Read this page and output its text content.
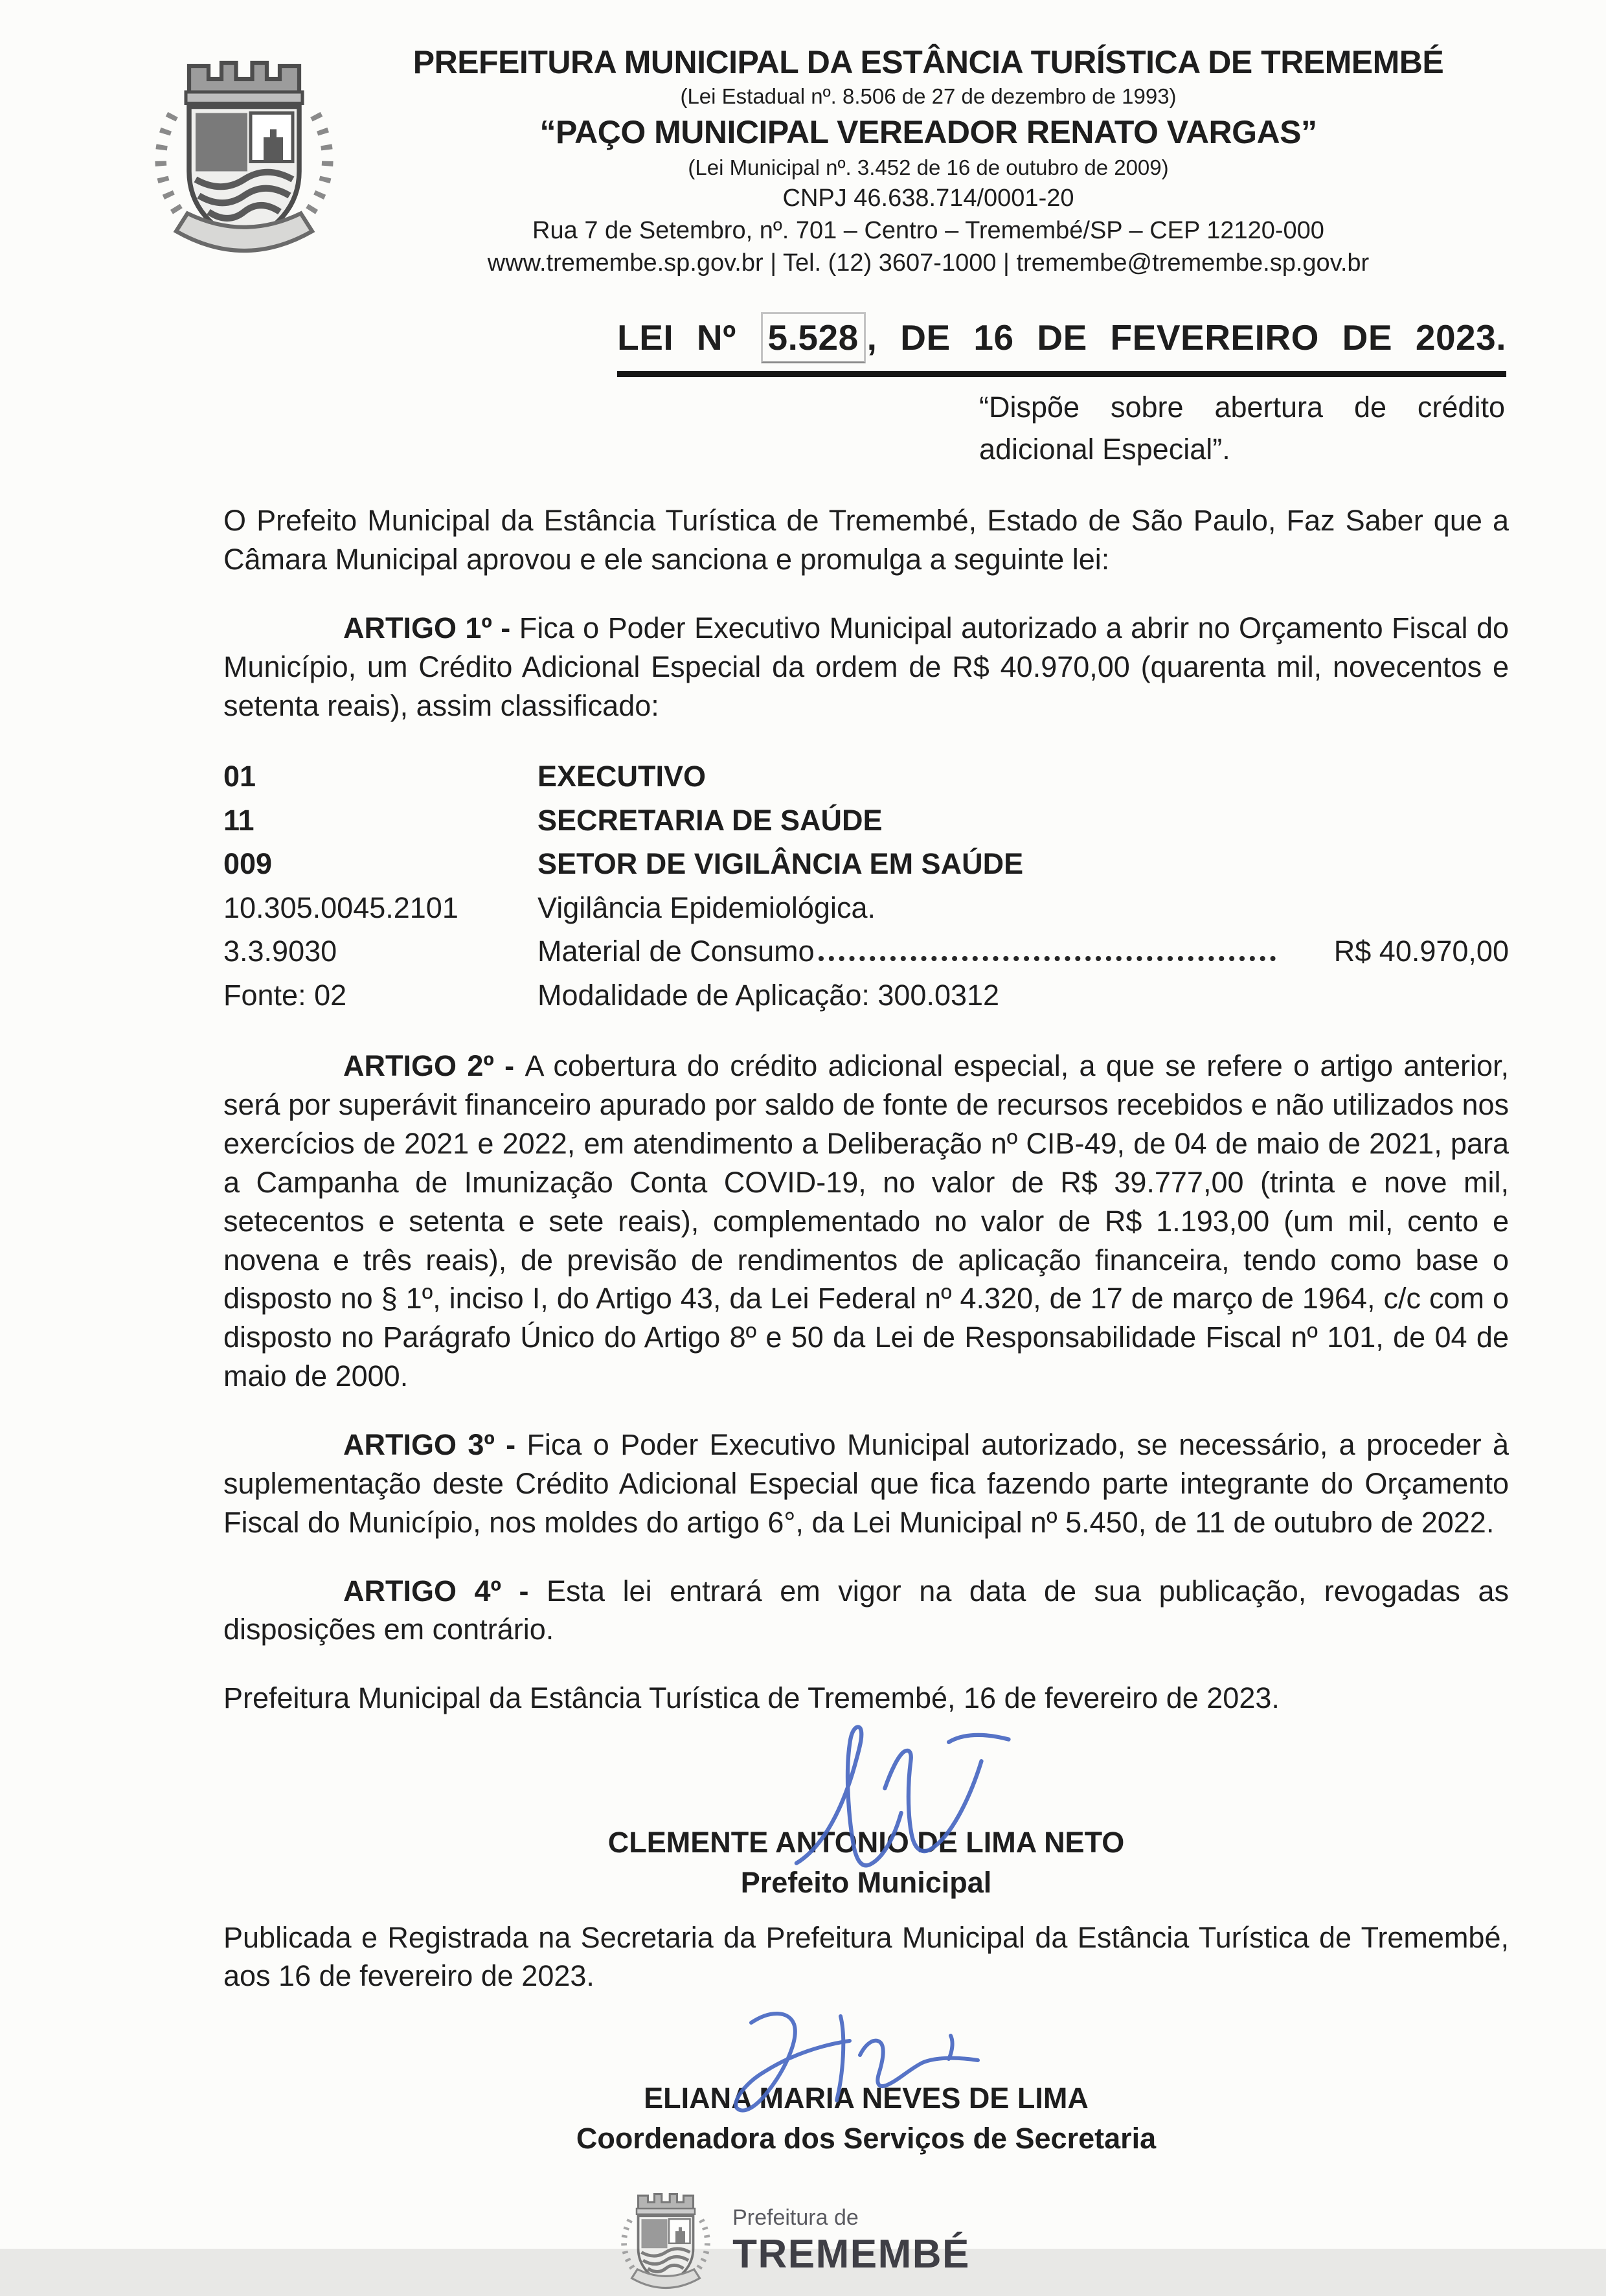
PREFEITURA MUNICIPAL DA ESTÂNCIA TURÍSTICA DE TREMEMBÉ
(Lei Estadual nº. 8.506 de 27 de dezembro de 1993)
“PAÇO MUNICIPAL VEREADOR RENATO VARGAS”
(Lei Municipal nº. 3.452 de 16 de outubro de 2009)
CNPJ 46.638.714/0001-20
Rua 7 de Setembro, nº. 701 – Centro – Tremembé/SP – CEP 12120-000
www.tremembe.sp.gov.br | Tel. (12) 3607-1000 | tremembe@tremembe.sp.gov.br
LEI Nº 5.528 , DE 16 DE FEVEREIRO DE 2023.
“Dispõe sobre abertura de crédito adicional Especial”.

O Prefeito Municipal da Estância Turística de Tremembé, Estado de São Paulo, Faz Saber que a Câmara Municipal aprovou e ele sanciona e promulga a seguinte lei:

ARTIGO 1º - Fica o Poder Executivo Municipal autorizado a abrir no Orçamento Fiscal do Município, um Crédito Adicional Especial da ordem de R$ 40.970,00 (quarenta mil, novecentos e setenta reais), assim classificado:

01	EXECUTIVO
11	SECRETARIA DE SAÚDE
009	SETOR DE VIGILÂNCIA EM SAÚDE
10.305.0045.2101	Vigilância Epidemiológica.
3.3.9030	Material de Consumo	R$ 40.970,00
Fonte: 02	Modalidade de Aplicação: 300.0312

ARTIGO 2º - A cobertura do crédito adicional especial, a que se refere o artigo anterior, será por superávit financeiro apurado por saldo de fonte de recursos recebidos e não utilizados nos exercícios de 2021 e 2022, em atendimento a Deliberação nº CIB-49, de 04 de maio de 2021, para a Campanha de Imunização Conta COVID-19, no valor de R$ 39.777,00 (trinta e nove mil, setecentos e setenta e sete reais), complementado no valor de R$ 1.193,00 (um mil, cento e novena e três reais), de previsão de rendimentos de aplicação financeira, tendo como base o disposto no § 1º, inciso I, do Artigo 43, da Lei Federal nº 4.320, de 17 de março de 1964, c/c com o disposto no Parágrafo Único do Artigo 8º e 50 da Lei de Responsabilidade Fiscal nº 101, de 04 de maio de 2000.

ARTIGO 3º - Fica o Poder Executivo Municipal autorizado, se necessário, a proceder à suplementação deste Crédito Adicional Especial que fica fazendo parte integrante do Orçamento Fiscal do Município, nos moldes do artigo 6°, da Lei Municipal nº 5.450, de 11 de outubro de 2022.

ARTIGO 4º - Esta lei entrará em vigor na data de sua publicação, revogadas as disposições em contrário.

Prefeitura Municipal da Estância Turística de Tremembé, 16 de fevereiro de 2023.

CLEMENTE ANTONIO DE LIMA NETO
Prefeito Municipal

Publicada e Registrada na Secretaria da Prefeitura Municipal da Estância Turística de Tremembé, aos 16 de fevereiro de 2023.

ELIANA MARIA NEVES DE LIMA
Coordenadora dos Serviços de Secretaria
Prefeitura de
TREMEMBÉ
